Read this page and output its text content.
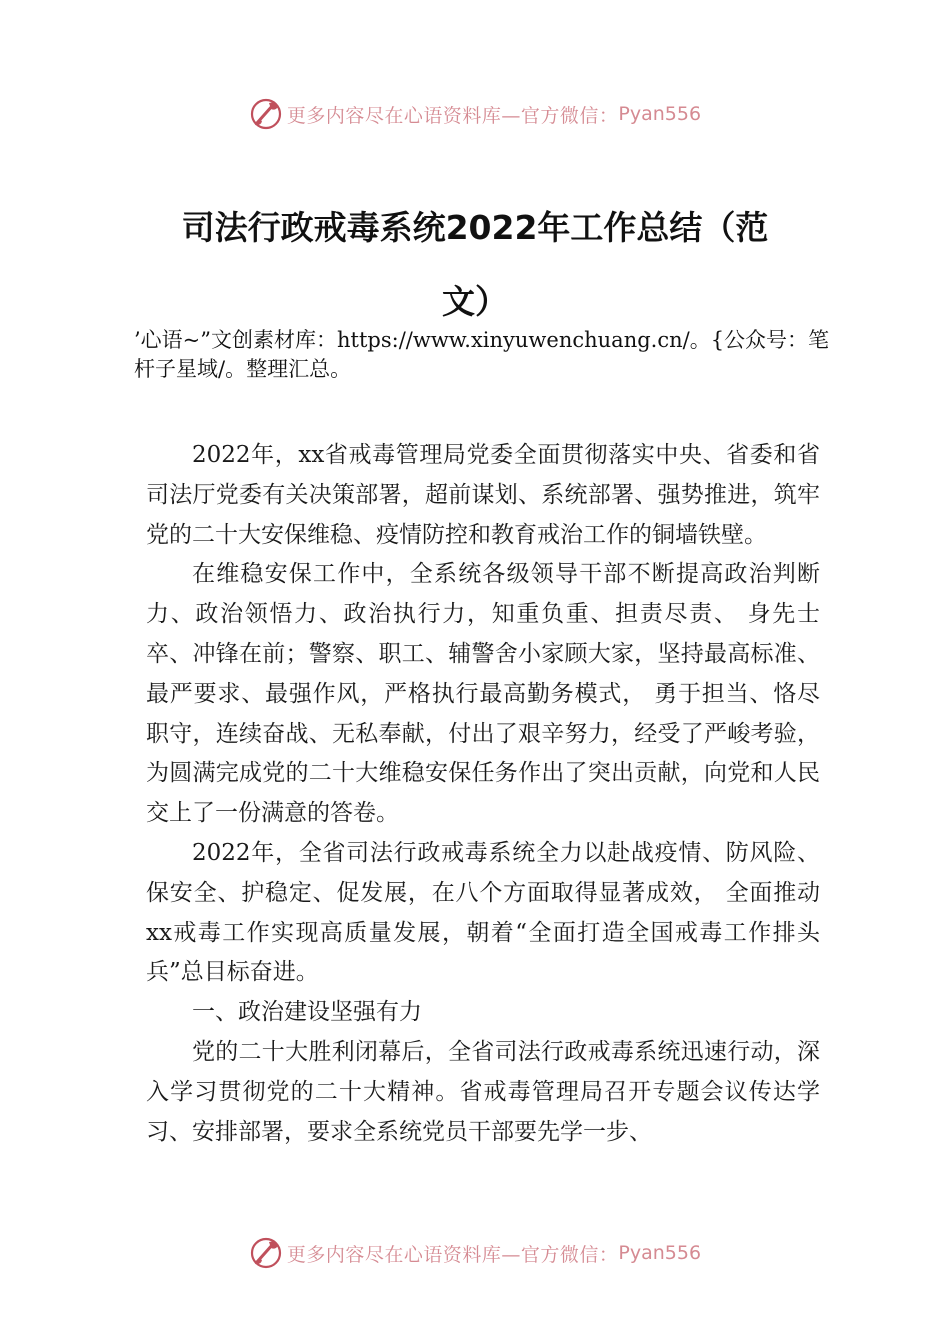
更多内容尽在心语资料库—官方微信： Pyan556
司法行政戒毒系统2022年工作总结（范
文）

’心语~”文创素材库：https://www.xinyuwenchuang.cn/。{公众号：笔杆子星域/。整理汇总。

2022年，xx省戒毒管理局党委全面贯彻落实中央、省委和省司法厅党委有关决策部署，超前谋划、系统部署、强势推进，筑牢党的二十大安保维稳、疫情防控和教育戒治工作的铜墙铁壁。

在维稳安保工作中，全系统各级领导干部不断提高政治判断力、政治领悟力、政治执行力，知重负重、担责尽责、 身先士卒、冲锋在前；警察、职工、辅警舍小家顾大家，坚持最高标准、最严要求、最强作风，严格执行最高勤务模式， 勇于担当、恪尽职守，连续奋战、无私奉献，付出了艰辛努力，经受了严峻考验，为圆满完成党的二十大维稳安保任务作出了突出贡献，向党和人民交上了一份满意的答卷。

2022年，全省司法行政戒毒系统全力以赴战疫情、防风险、保安全、护稳定、促发展，在八个方面取得显著成效， 全面推动xx戒毒工作实现高质量发展，朝着“全面打造全国戒毒工作排头兵”总目标奋进。

一、政治建设坚强有力

党的二十大胜利闭幕后，全省司法行政戒毒系统迅速行动，深入学习贯彻党的二十大精神。省戒毒管理局召开专题会议传达学习、安排部署，要求全系统党员干部要先学一步、

更多内容尽在心语资料库—官方微信： Pyan556
